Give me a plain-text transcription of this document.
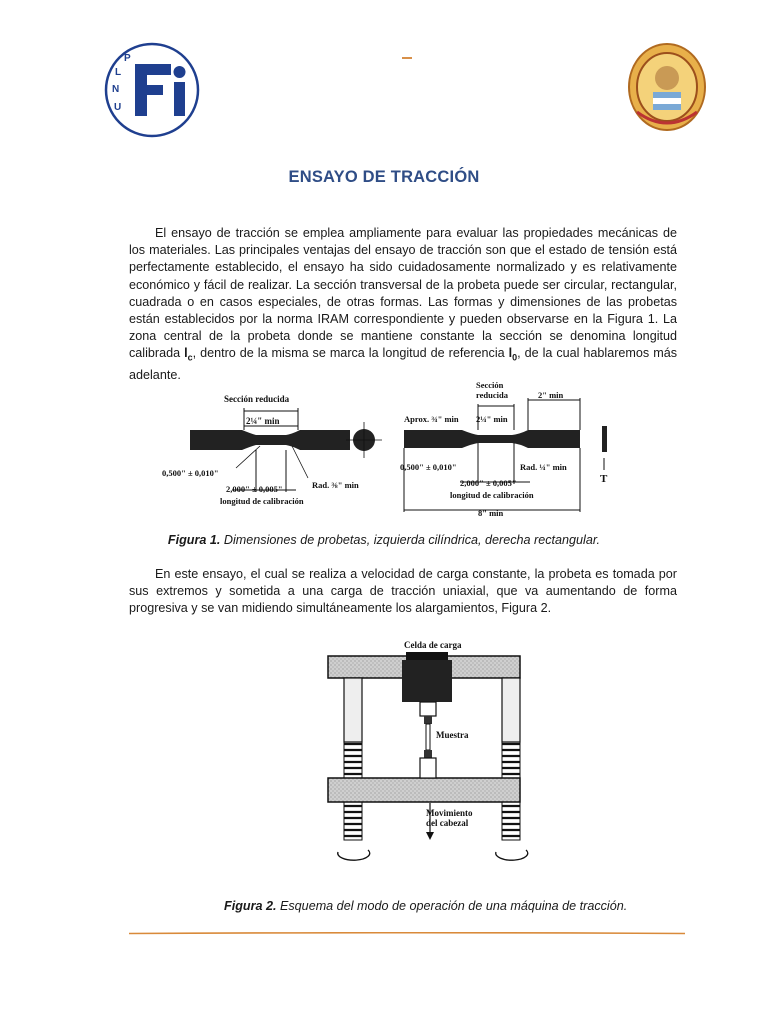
U
N
L
P
ENSAYO DE TRACCIÓN
El ensayo de tracción se emplea ampliamente para evaluar las propiedades mecánicas de los materiales. Las principales ventajas del ensayo de tracción son que el estado de tensión está perfectamente establecido, el ensayo ha sido cuidadosamente normalizado y es relativamente económico y fácil de realizar. La sección transversal de la probeta puede ser circular, rectangular, cuadrada o en casos especiales, de otras formas. Las formas y dimensiones de las probetas están establecidos por la norma IRAM correspondiente y pueden observarse en la Figura 1. La zona central de la probeta donde se mantiene constante la sección se denomina longitud calibrada $l_c$, dentro de la misma se marca la longitud de referencia $l_0$, de la cual hablaremos más adelante.
Sección reducida
2¼" min
0,500" ± 0,010"
Rad. ⅜" min
2,000" ± 0,005"
longitud de calibración
Sección
reducida
Aprox. ¾" min 2¼" min
2" min
0,500" ± 0,010"	Rad. ¼" min
2,000" ± 0,005"
longitud de calibración
8" min
T
Figura 1. Dimensiones de probetas, izquierda cilíndrica, derecha rectangular.
En este ensayo, el cual se realiza a velocidad de carga constante, la probeta es tomada por sus extremos y sometida a una carga de tracción uniaxial, que va aumentando de forma progresiva y se van midiendo simultáneamente los alargamientos, Figura 2.
Celda de carga
Muestra
Movimiento
del cabezal
Figura 2. Esquema del modo de operación de una máquina de tracción.
